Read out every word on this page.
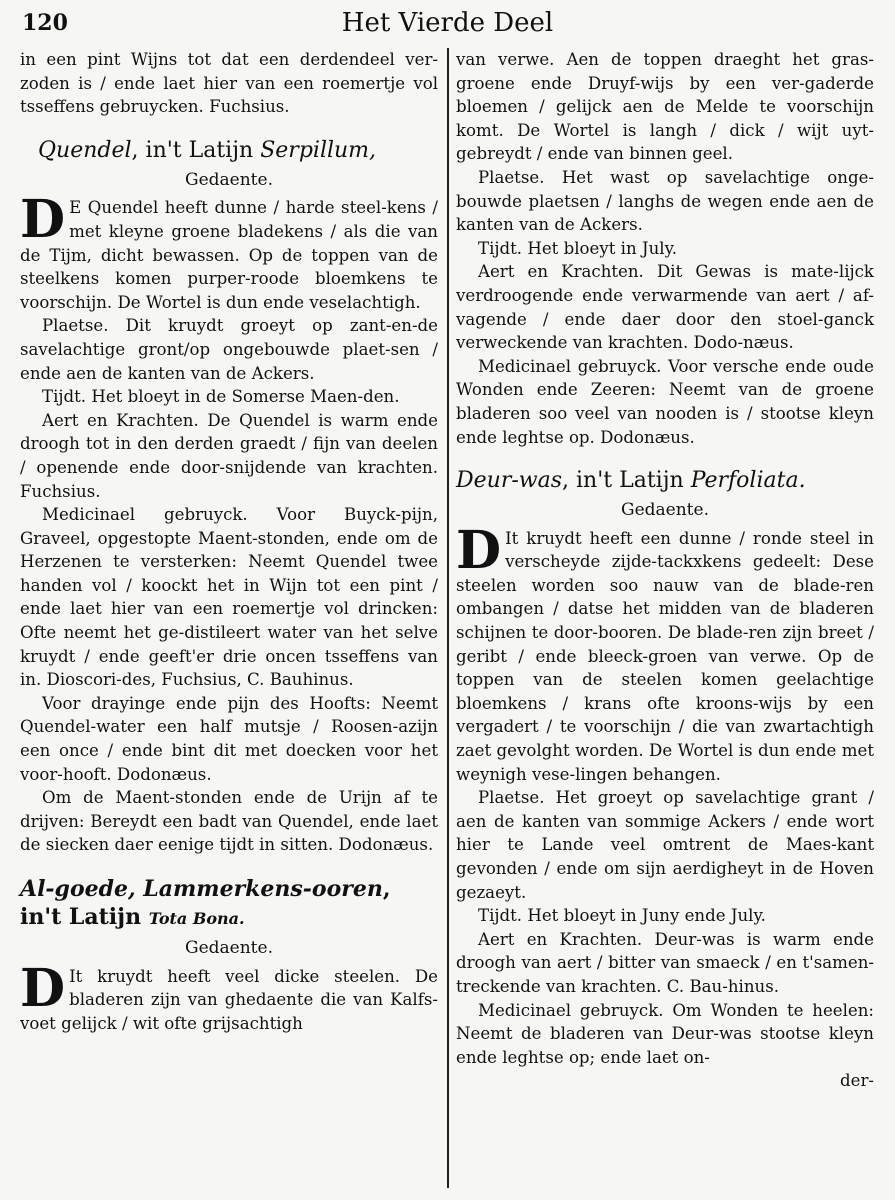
120	Het Vierde Deel

in een pint Wijns tot dat een derdendeel ver-zoden is / ende laet hier van een roemertje vol tsseffens gebruycken. Fuchsius.

Quendel, in't Latijn Serpillum,
Gedaente.

D E Quendel heeft dunne / harde steel-kens / met kleyne groene bladekens / als die van de Tijm, dicht bewassen. Op de toppen van de steelkens komen purper-roode bloemkens te voorschijn. De Wortel is dun ende veselachtigh.

Plaetse. Dit kruydt groeyt op zant-en-de savelachtige gront/op ongebouwde plaet-sen / ende aen de kanten van de Ackers.

Tijdt. Het bloeyt in de Somerse Maen-den.

Aert en Krachten. De Quendel is warm ende droogh tot in den derden graedt / fijn van deelen / openende ende door-snijdende van krachten. Fuchsius.

Medicinael gebruyck. Voor Buyck-pijn, Graveel, opgestopte Maent-stonden, ende om de Herzenen te versterken: Neemt Quendel twee handen vol / koockt het in Wijn tot een pint / ende laet hier van een roemertje vol drincken: Ofte neemt het ge-distileert water van het selve kruydt / ende geeft'er drie oncen tsseffens van in. Dioscori-des, Fuchsius, C. Bauhinus.

Voor drayinge ende pijn des Hoofts: Neemt Quendel-water een half mutsje / Roosen-azijn een once / ende bint dit met doecken voor het voor-hooft. Dodonæus.

Om de Maent-stonden ende de Urijn af te drijven: Bereydt een badt van Quendel, ende laet de siecken daer eenige tijdt in sitten. Dodonæus.

Al-goede, Lammerkens-ooren, in't Latijn Tota Bona.
Gedaente.

D It kruydt heeft veel dicke steelen. De bladeren zijn van ghedaente die van Kalfs-voet gelijck / wit ofte grijsachtigh

van verwe. Aen de toppen draeght het gras-groene ende Druyf-wijs by een ver-gaderde bloemen / gelijck aen de Melde te voorschijn komt. De Wortel is langh / dick / wijt uyt-gebreydt / ende van binnen geel.

Plaetse. Het wast op savelachtige onge-bouwde plaetsen / langhs de wegen ende aen de kanten van de Ackers.

Tijdt. Het bloeyt in July.

Aert en Krachten. Dit Gewas is mate-lijck verdroogende ende verwarmende van aert / af-vagende / ende daer door den stoel-ganck verweckende van krachten. Dodo-næus.

Medicinael gebruyck. Voor versche ende oude Wonden ende Zeeren: Neemt van de groene bladeren soo veel van nooden is / stootse kleyn ende leghtse op. Dodonæus.

Deur-was, in't Latijn Perfoliata.
Gedaente.

D It kruydt heeft een dunne / ronde steel in verscheyde zijde-tackxkens gedeelt: Dese steelen worden soo nauw van de blade-ren ombangen / datse het midden van de bladeren schijnen te door-booren. De blade-ren zijn breet / geribt / ende bleeck-groen van verwe. Op de toppen van de steelen komen geelachtige bloemkens / krans ofte kroons-wijs by een vergadert / te voorschijn / die van zwartachtigh zaet gevolght worden. De Wortel is dun ende met weynigh vese-lingen behangen.

Plaetse. Het groeyt op savelachtige grant / aen de kanten van sommige Ackers / ende wort hier te Lande veel omtrent de Maes-kant gevonden / ende om sijn aerdigheyt in de Hoven gezaeyt.

Tijdt. Het bloeyt in Juny ende July.

Aert en Krachten. Deur-was is warm ende droogh van aert / bitter van smaeck / en t'samen-treckende van krachten. C. Bau-hinus.

Medicinael gebruyck. Om Wonden te heelen: Neemt de bladeren van Deur-was stootse kleyn ende leghtse op; ende laet on-

der-
